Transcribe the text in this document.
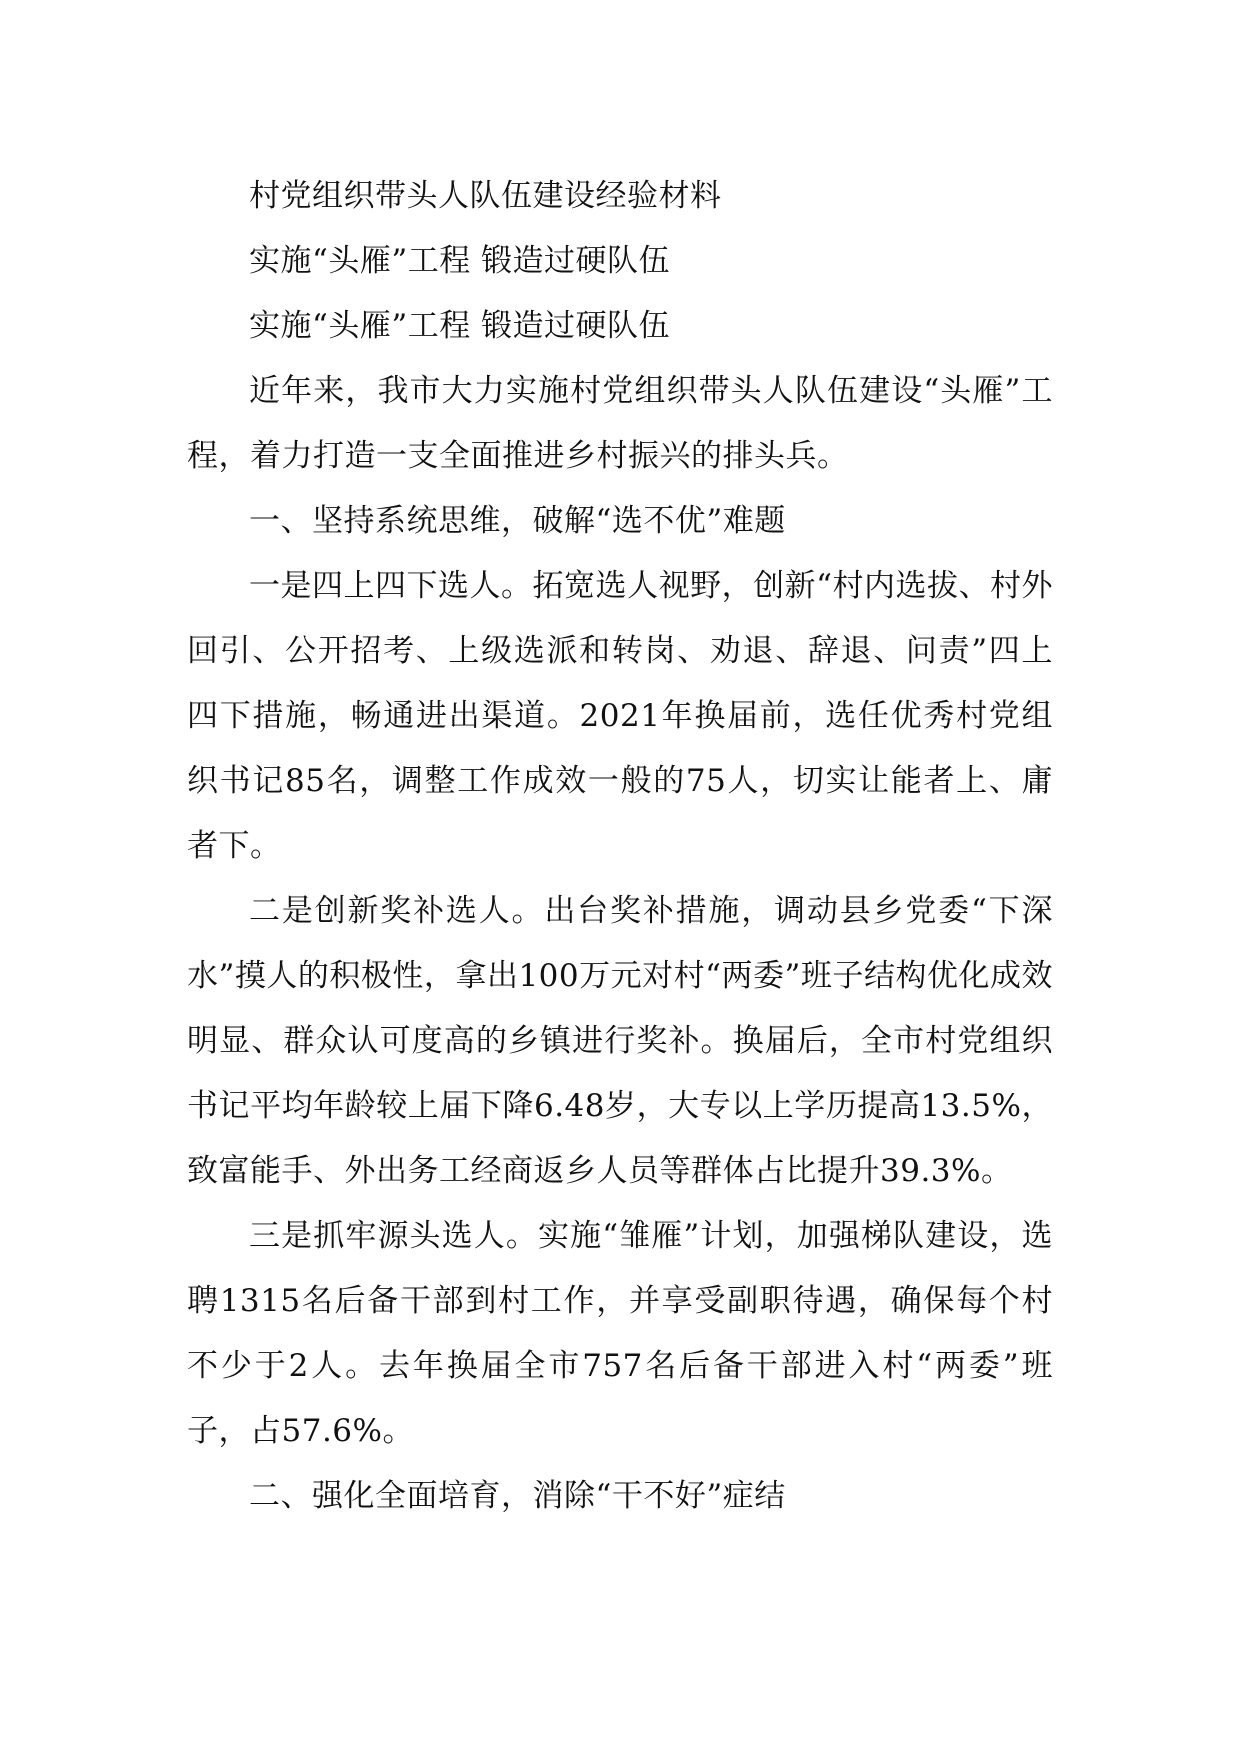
村党组织带头人队伍建设经验材料

实施“头雁”工程 锻造过硬队伍

实施“头雁”工程 锻造过硬队伍

近年来，我市大力实施村党组织带头人队伍建设“头雁”工程，着力打造一支全面推进乡村振兴的排头兵。

一、坚持系统思维，破解“选不优”难题

一是四上四下选人。拓宽选人视野，创新“村内选拔、村外回引、公开招考、上级选派和转岗、劝退、辞退、问责”四上四下措施，畅通进出渠道。2021年换届前，选任优秀村党组织书记85名，调整工作成效一般的75人，切实让能者上、庸者下。

二是创新奖补选人。出台奖补措施，调动县乡党委“下深水”摸人的积极性，拿出100万元对村“两委”班子结构优化成效明显、群众认可度高的乡镇进行奖补。换届后，全市村党组织书记平均年龄较上届下降6.48岁，大专以上学历提高13.5%，致富能手、外出务工经商返乡人员等群体占比提升39.3%。

三是抓牢源头选人。实施“雏雁”计划，加强梯队建设，选聘1315名后备干部到村工作，并享受副职待遇，确保每个村不少于2人。去年换届全市757名后备干部进入村“两委”班子，占57.6%。

二、强化全面培育，消除“干不好”症结
